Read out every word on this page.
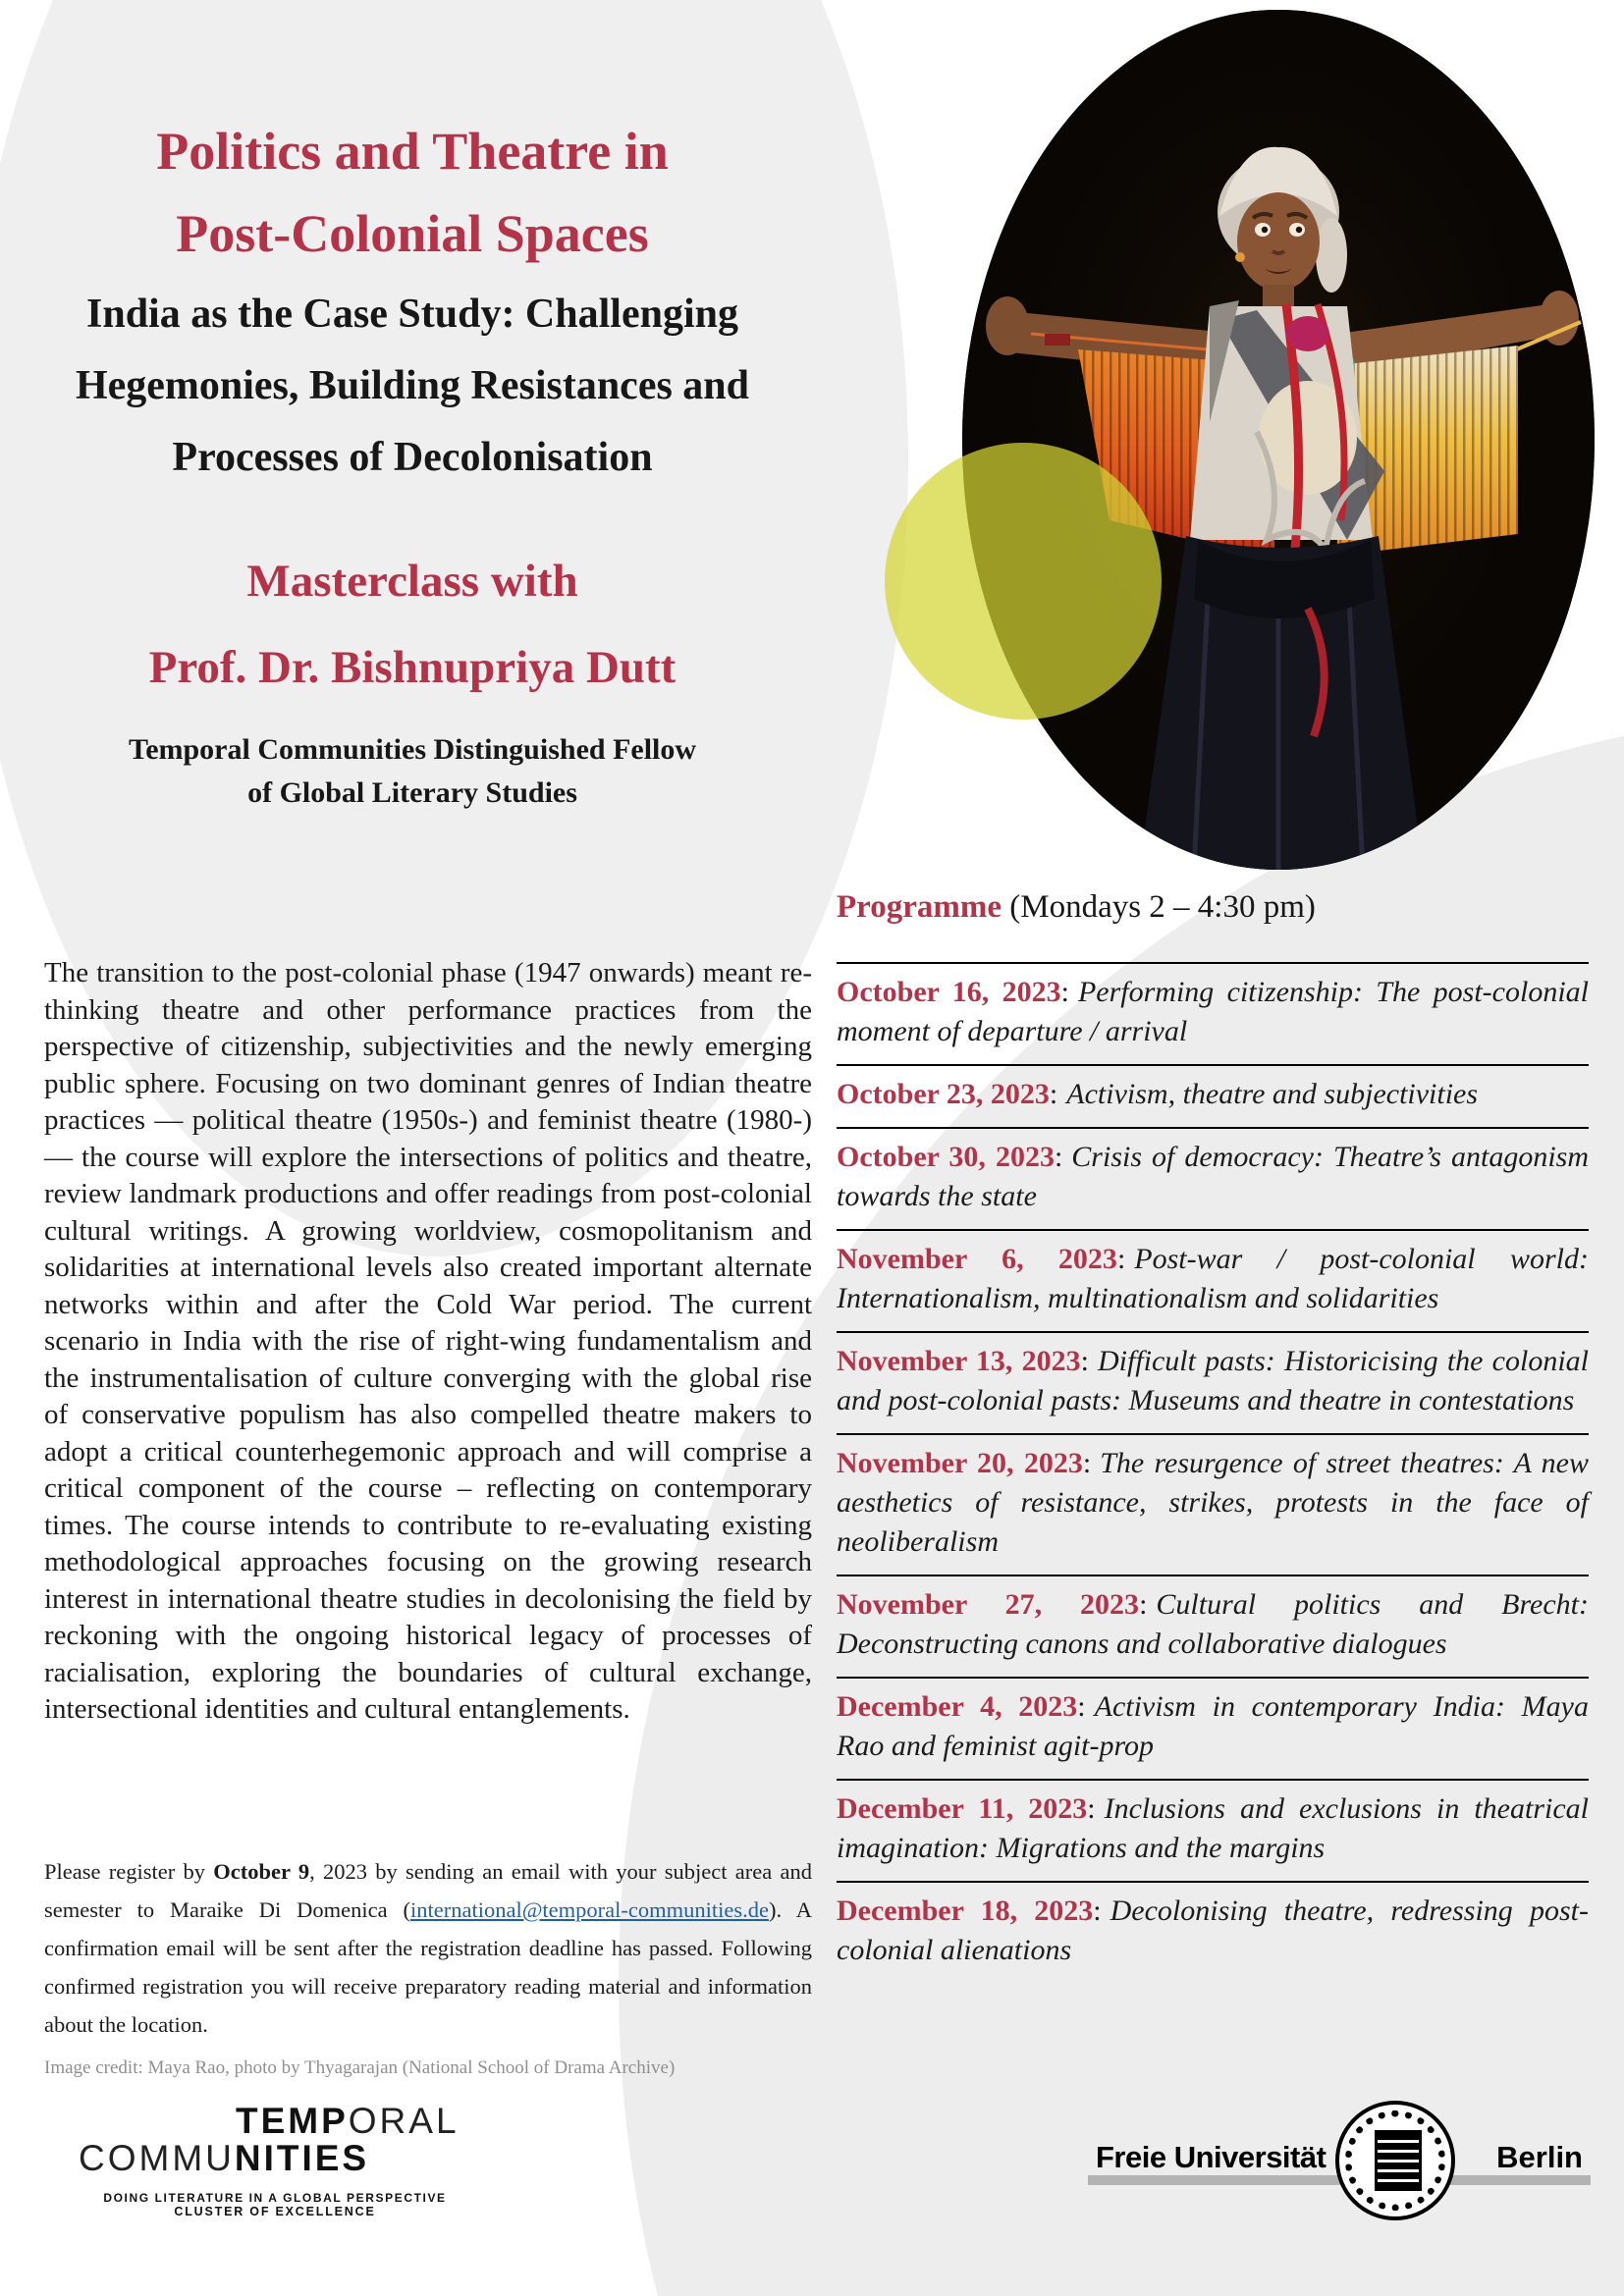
Politics and Theatre in
Post-Colonial Spaces
India as the Case Study: Challenging
Hegemonies, Building Resistances and
Processes of Decolonisation
Masterclass with
Prof. Dr. Bishnupriya Dutt
Temporal Communities Distinguished Fellow
of Global Literary Studies
The transition to the post-colonial phase (1947 onwards) meant re-thinking theatre and other performance practices from the perspective of citizenship, subjectivities and the newly emerging public sphere. Focusing on two dominant genres of Indian theatre practices — political theatre (1950s-) and feminist theatre (1980-) — the course will explore the intersections of politics and theatre, review landmark productions and offer readings from post-colonial cultural writings. A growing worldview, cosmopolitanism and solidarities at international levels also created important alternate networks within and after the Cold War period. The current scenario in India with the rise of right-wing fundamentalism and the instrumentalisation of culture converging with the global rise of conservative populism has also compelled theatre makers to adopt a critical counterhegemonic approach and will comprise a critical component of the course – reflecting on contemporary times. The course intends to contribute to re-evaluating existing methodological approaches focusing on the growing research interest in international theatre studies in decolonising the field by reckoning with the ongoing historical legacy of processes of racialisation, exploring the boundaries of cultural exchange, intersectional identities and cultural entanglements.
Please register by October 9, 2023 by sending an email with your subject area and semester to Maraike Di Domenica (international@temporal-communities.de). A confirmation email will be sent after the registration deadline has passed. Following confirmed registration you will receive preparatory reading material and information about the location.
Image credit: Maya Rao, photo by Thyagarajan (National School of Drama Archive)
Programme (Mondays 2 – 4:30 pm)
October 16, 2023: Performing citizenship: The post-colonial moment of departure / arrival
October 23, 2023: Activism, theatre and subjectivities
October 30, 2023: Crisis of democracy: Theatre’s antagonism towards the state
November 6, 2023: Post-war / post-colonial world: Internationalism, multinationalism and solidarities
November 13, 2023: Difficult pasts: Historicising the colonial and post-colonial pasts: Museums and theatre in contestations
November 20, 2023: The resurgence of street theatres: A new aesthetics of resistance, strikes, protests in the face of neoliberalism
November 27, 2023: Cultural politics and Brecht: Deconstructing canons and collaborative dialogues
December 4, 2023: Activism in contemporary India: Maya Rao and feminist agit-prop
December 11, 2023: Inclusions and exclusions in theatrical imagination: Migrations and the margins
December 18, 2023: Decolonising theatre, redressing post-colonial alienations
TEMPORAL
COMMUNITIES
DOING LITERATURE IN A GLOBAL PERSPECTIVE
CLUSTER OF EXCELLENCE
Freie Universität	Berlin
